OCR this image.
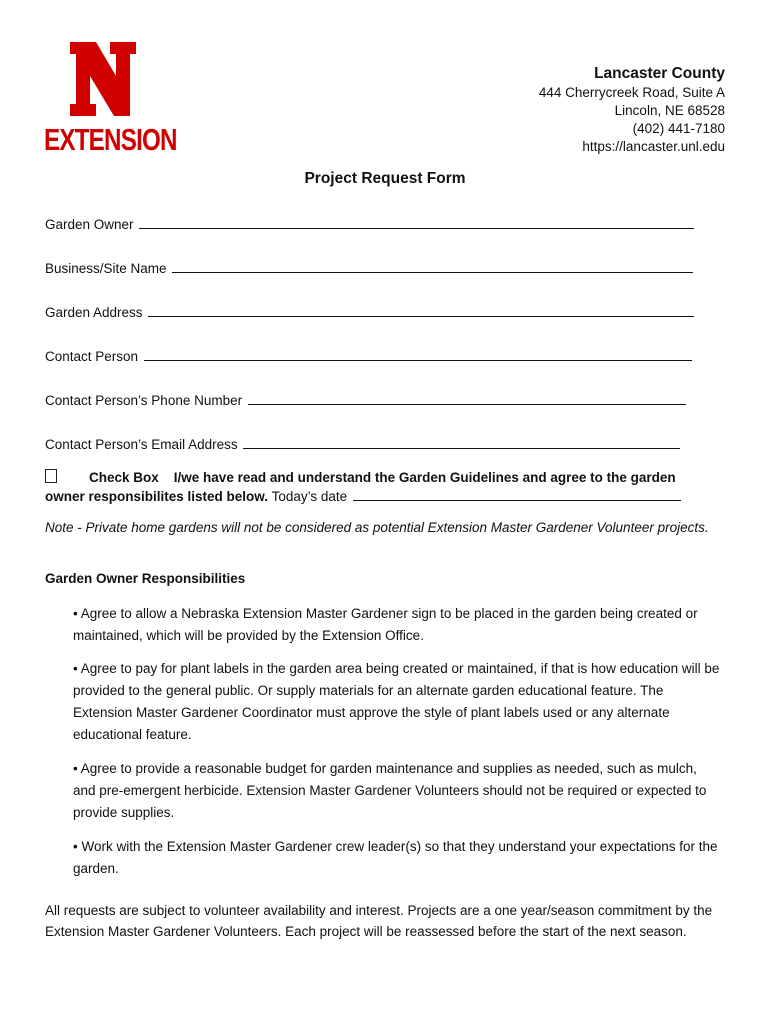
EXTENSION
Lancaster County
444 Cherrycreek Road, Suite A
Lincoln, NE 68528
(402) 441-7180
https://lancaster.unl.edu
Project Request Form
Garden Owner
Business/Site Name
Garden Address
Contact Person
Contact Person’s Phone Number
Contact Person’s Email Address
Check Box I/we have read and understand the Garden Guidelines and agree to the garden owner responsibilites listed below. Today’s date
Note - Private home gardens will not be considered as potential Extension Master Gardener Volunteer projects.
Garden Owner Responsibilities
• Agree to allow a Nebraska Extension Master Gardener sign to be placed in the garden being created or maintained, which will be provided by the Extension Office.
• Agree to pay for plant labels in the garden area being created or maintained, if that is how education will be provided to the general public. Or supply materials for an alternate garden educational feature. The Extension Master Gardener Coordinator must approve the style of plant labels used or any alternate educational feature.
• Agree to provide a reasonable budget for garden maintenance and supplies as needed, such as mulch, and pre-emergent herbicide. Extension Master Gardener Volunteers should not be required or expected to provide supplies.
• Work with the Extension Master Gardener crew leader(s) so that they understand your expectations for the garden.
All requests are subject to volunteer availability and interest. Projects are a one year/season commitment by the Extension Master Gardener Volunteers. Each project will be reassessed before the start of the next season.
